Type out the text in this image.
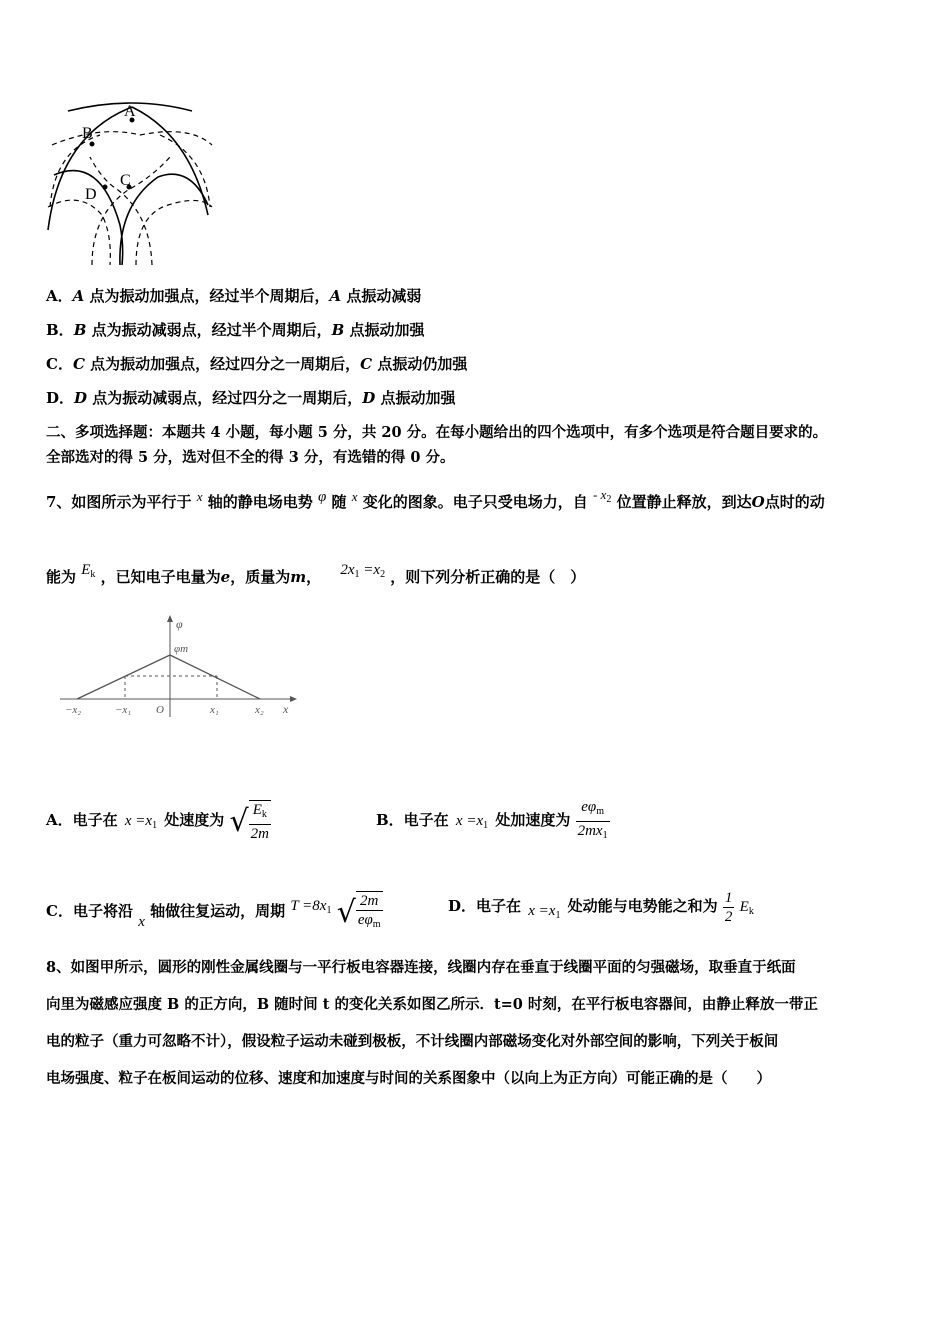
A
B
C
D
A．A 点为振动加强点，经过半个周期后，A 点振动减弱
B．B 点为振动减弱点，经过半个周期后，B 点振动加强
C．C 点为振动加强点，经过四分之一周期后，C 点振动仍加强
D．D 点为振动减弱点，经过四分之一周期后，D 点振动加强
二、多项选择题：本题共 4 小题，每小题 5 分，共 20 分。在每小题给出的四个选项中，有多个选项是符合题目要求的。
全部选对的得 5 分，选对但不全的得 3 分，有选错的得 0 分。
7、如图所示为平行于 x 轴的静电场电势 φ 随 x 变化的图象。电子只受电场力，自 - $x_2$ 位置静止释放，到达O点时的动
能为 $E_k$ ，已知电子电量为e，质量为m， $2x_1 =x_2$ ，则下列分析正确的是（　）
φ
φm
x
−x₂	−x₁ O	x₁	x₂
A．电子在 $x =x_1$ 处速度为 √ $\frac{E_k}{2m}$	B．电子在 $x =x_1$ 处加速度为 $\frac{e\varphi_m}{2mx_1}$
C．电子将沿 x 轴做往复运动，周期 $T =8x_1$ √ $\frac{2m}{e\varphi_m}$	D．电子在 $x =x_1$ 处动能与电势能之和为 $\frac{1}{2} E_k$
8、如图甲所示，圆形的刚性金属线圈与一平行板电容器连接，线圈内存在垂直于线圈平面的匀强磁场，取垂直于纸面
向里为磁感应强度 B 的正方向，B 随时间 t 的变化关系如图乙所示．t=0 时刻，在平行板电容器间，由静止释放一带正
电的粒子（重力可忽略不计），假设粒子运动未碰到极板，不计线圈内部磁场变化对外部空间的影响，下列关于板间
电场强度、粒子在板间运动的位移、速度和加速度与时间的关系图象中（以向上为正方向）可能正确的是（　　）
